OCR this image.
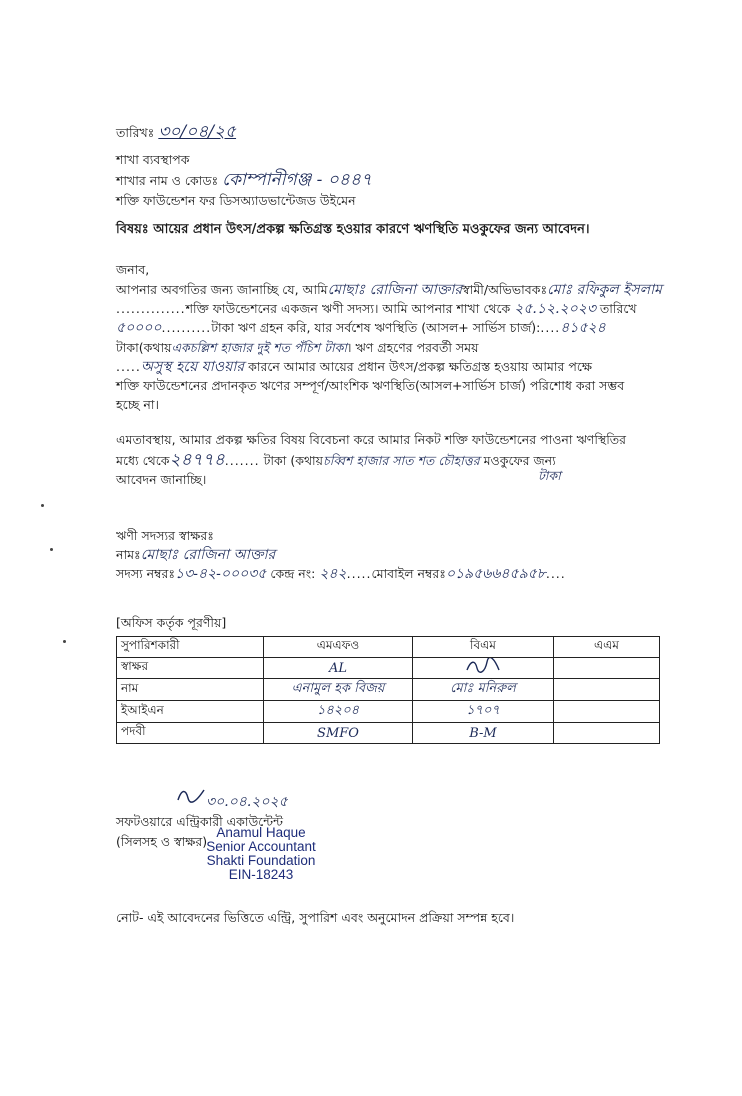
তারিখঃ ৩০/০৪/২৫
শাখা ব্যবস্থাপক
শাখার নাম ও কোডঃ কোম্পানীগঞ্জ - ০৪৪৭
শক্তি ফাউন্ডেশন ফর ডিসঅ্যাডভান্টেজড উইমেন
বিষয়ঃ আয়ের প্রধান উৎস/প্রকল্প ক্ষতিগ্রস্ত হওয়ার কারণে ঋণস্থিতি মওকুফের জন্য আবেদন।
জনাব,
আপনার অবগতির জন্য জানাচ্ছি যে, আমিমোছাঃ রোজিনা আক্তারস্বামী/অভিভাবকঃমোঃ রফিকুল ইসলাম
..............শক্তি ফাউন্ডেশনের একজন ঋণী সদস্য। আমি আপনার শাখা থেকে ২৫.১২.২০২৩ তারিখে
৫০০০০..........টাকা ঋণ গ্রহন করি, যার সর্বশেষ ঋণস্থিতি (আসল+ সার্ভিস চার্জ):....৪১৫২৪
টাকা(কথায়একচল্লিশ হাজার দুই শত পঁচিশ টাকা। ঋণ গ্রহণের পরবর্তী সময়
.....অসুস্থ হয়ে যাওয়ার কারনে আমার আয়ের প্রধান উৎস/প্রকল্প ক্ষতিগ্রস্ত হওয়ায় আমার পক্ষে
শক্তি ফাউন্ডেশনের প্রদানকৃত ঋণের সম্পূর্ণ/আংশিক ঋণস্থিতি(আসল+সার্ভিস চার্জ) পরিশোধ করা সম্ভব
হচ্ছে না।
এমতাবস্থায়, আমার প্রকল্প ক্ষতির বিষয় বিবেচনা করে আমার নিকট শক্তি ফাউন্ডেশনের পাওনা ঋণস্থিতির
মধ্যে থেকে২৪৭৭৪....... টাকা (কথায়চব্বিশ হাজার সাত শত চৌহাত্তর মওকুফের জন্য
টাকা
আবেদন জানাচ্ছি।
ঋণী সদস্যর স্বাক্ষরঃ
নামঃমোছাঃ রোজিনা আক্তার
সদস্য নম্বরঃ১৩-৪২-০০০৩৫ কেন্দ্র নং: ২৪২.....মোবাইল নম্বরঃ০১৯৫৬৬৪৫৯৫৮....
[অফিস কর্তৃক পূরণীয়]
সুপারিশকারী	এমএফও	বিএম	এএম
স্বাক্ষর	AL		
নাম	এনামুল হক বিজয়	মোঃ মনিরুল	
ইআইএন	১৪২০৪	১৭০৭	
পদবী	SMFO	B-M	
৩০.০৪.২০২৫
সফটওয়ারে এন্ট্রিকারী একাউন্টেন্ট
(সিলসহ ও স্বাক্ষর)
Anamul Haque
Senior Accountant
Shakti Foundation
EIN-18243
নোট- এই আবেদনের ভিত্তিতে এন্ট্রি, সুপারিশ এবং অনুমোদন প্রক্রিয়া সম্পন্ন হবে।
